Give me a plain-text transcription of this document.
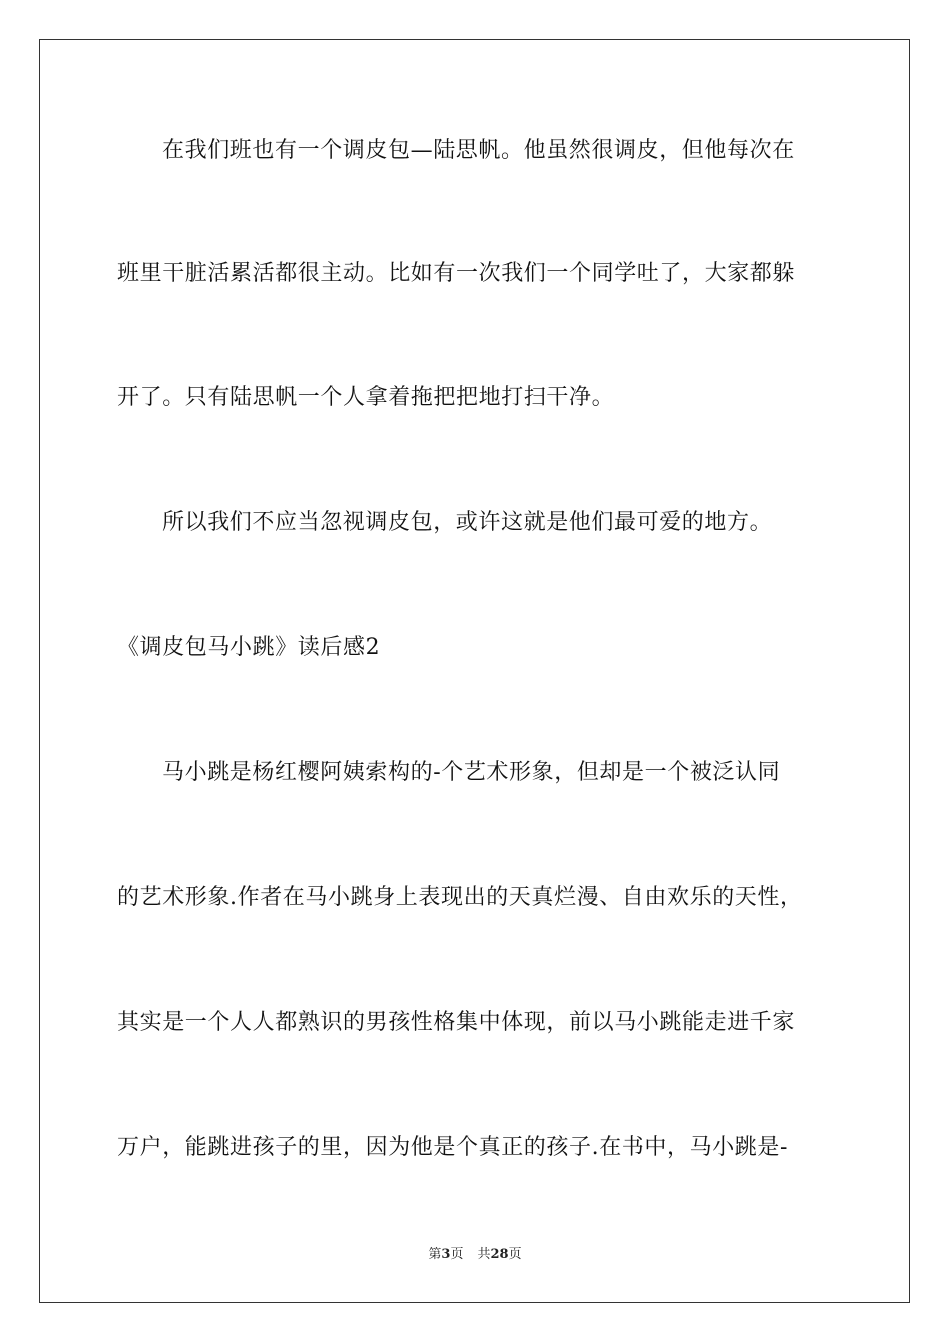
在我们班也有一个调皮包—陆思帆。他虽然很调皮，但他每次在
班里干脏活累活都很主动。比如有一次我们一个同学吐了，大家都躲
开了。只有陆思帆一个人拿着拖把把地打扫干净。
所以我们不应当忽视调皮包，或许这就是他们最可爱的地方。
《调皮包马小跳》读后感2
马小跳是杨红樱阿姨索构的-个艺术形象，但却是一个被泛认同
的艺术形象.作者在马小跳身上表现出的天真烂漫、自由欢乐的天性，
其实是一个人人都熟识的男孩性格集中体现，前以马小跳能走进千家
万户，能跳进孩子的里，因为他是个真正的孩子.在书中，马小跳是-
第3页 共28页
